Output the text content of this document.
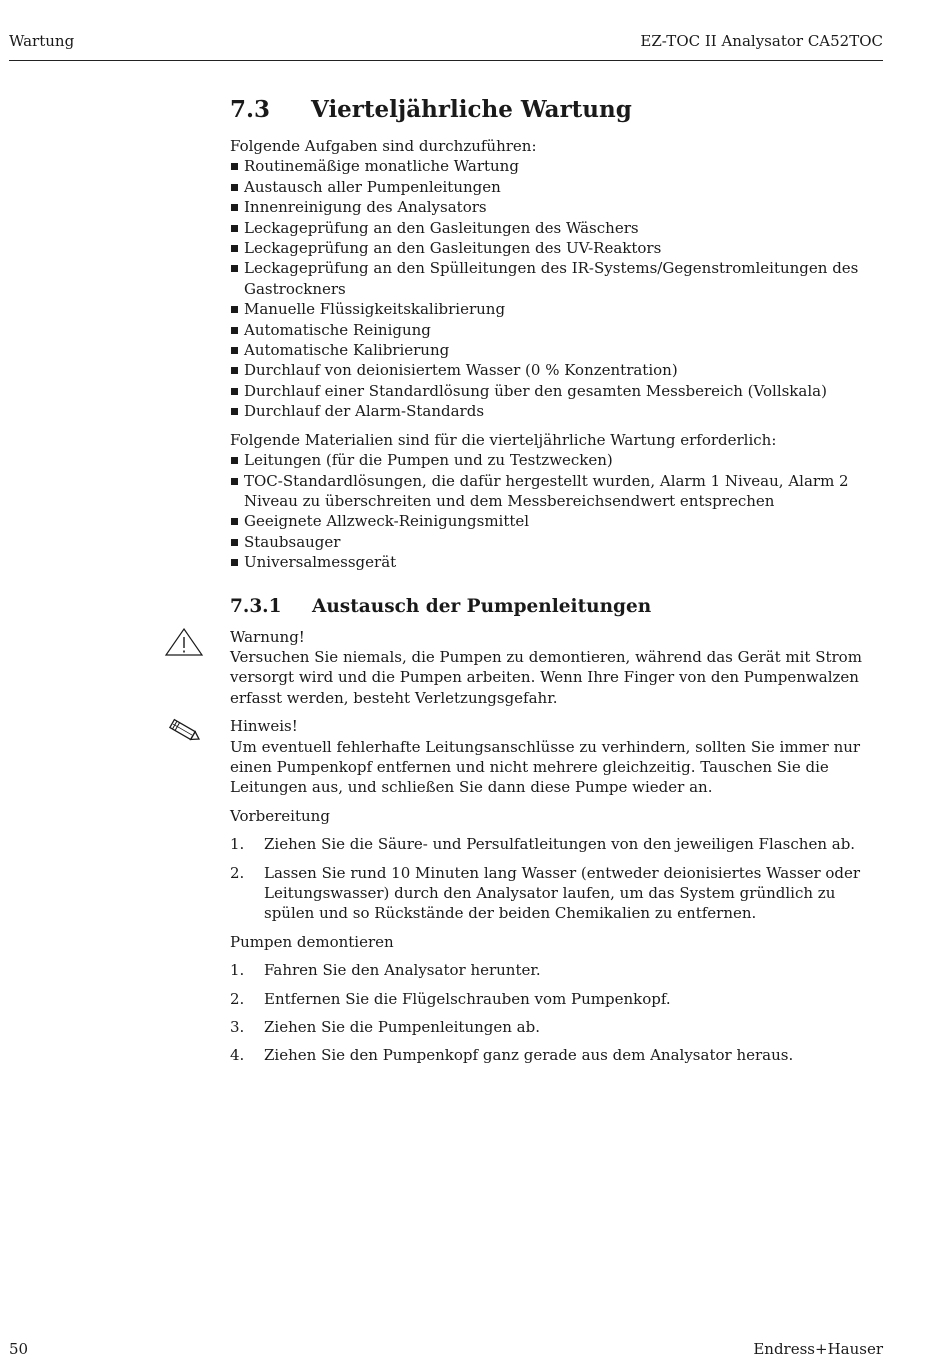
Wartung	EZ-TOC II Analysator CA52TOC
7.3	Vierteljährliche Wartung

Folgende Aufgaben sind durchzuführen:

Routinemäßige monatliche Wartung
Austausch aller Pumpenleitungen
Innenreinigung des Analysators
Leckageprüfung an den Gasleitungen des Wäschers
Leckageprüfung an den Gasleitungen des UV-Reaktors
Leckageprüfung an den Spülleitungen des IR-Systems/Gegenstromleitungen des Gastrockners
Manuelle Flüssigkeitskalibrierung
Automatische Reinigung
Automatische Kalibrierung
Durchlauf von deionisiertem Wasser (0 % Konzentration)
Durchlauf einer Standardlösung über den gesamten Messbereich (Vollskala)
Durchlauf der Alarm-Standards

Folgende Materialien sind für die vierteljährliche Wartung erforderlich:

Leitungen (für die Pumpen und zu Testzwecken)
TOC-Standardlösungen, die dafür hergestellt wurden, Alarm 1 Niveau, Alarm 2 Niveau zu überschreiten und dem Messbereichsendwert entsprechen
Geeignete Allzweck-Reinigungsmittel
Staubsauger
Universalmessgerät
7.3.1	Austausch der Pumpenleitungen

Warnung!

Versuchen Sie niemals, die Pumpen zu demontieren, während das Gerät mit Strom versorgt wird und die Pumpen arbeiten. Wenn Ihre Finger von den Pumpenwalzen erfasst werden, besteht Verletzungsgefahr.

Hinweis!

Um eventuell fehlerhafte Leitungsanschlüsse zu verhindern, sollten Sie immer nur einen Pumpenkopf entfernen und nicht mehrere gleichzeitig. Tauschen Sie die Leitungen aus, und schließen Sie dann diese Pumpe wieder an.

Vorbereitung

1.	Ziehen Sie die Säure- und Persulfatleitungen von den jeweiligen Flaschen ab.
2.	Lassen Sie rund 10 Minuten lang Wasser (entweder deionisiertes Wasser oder Leitungswasser) durch den Analysator laufen, um das System gründlich zu spülen und so Rückstände der beiden Chemikalien zu entfernen.

Pumpen demontieren

1.	Fahren Sie den Analysator herunter.
2.	Entfernen Sie die Flügelschrauben vom Pumpenkopf.
3.	Ziehen Sie die Pumpenleitungen ab.
4.	Ziehen Sie den Pumpenkopf ganz gerade aus dem Analysator heraus.
50	Endress+Hauser
